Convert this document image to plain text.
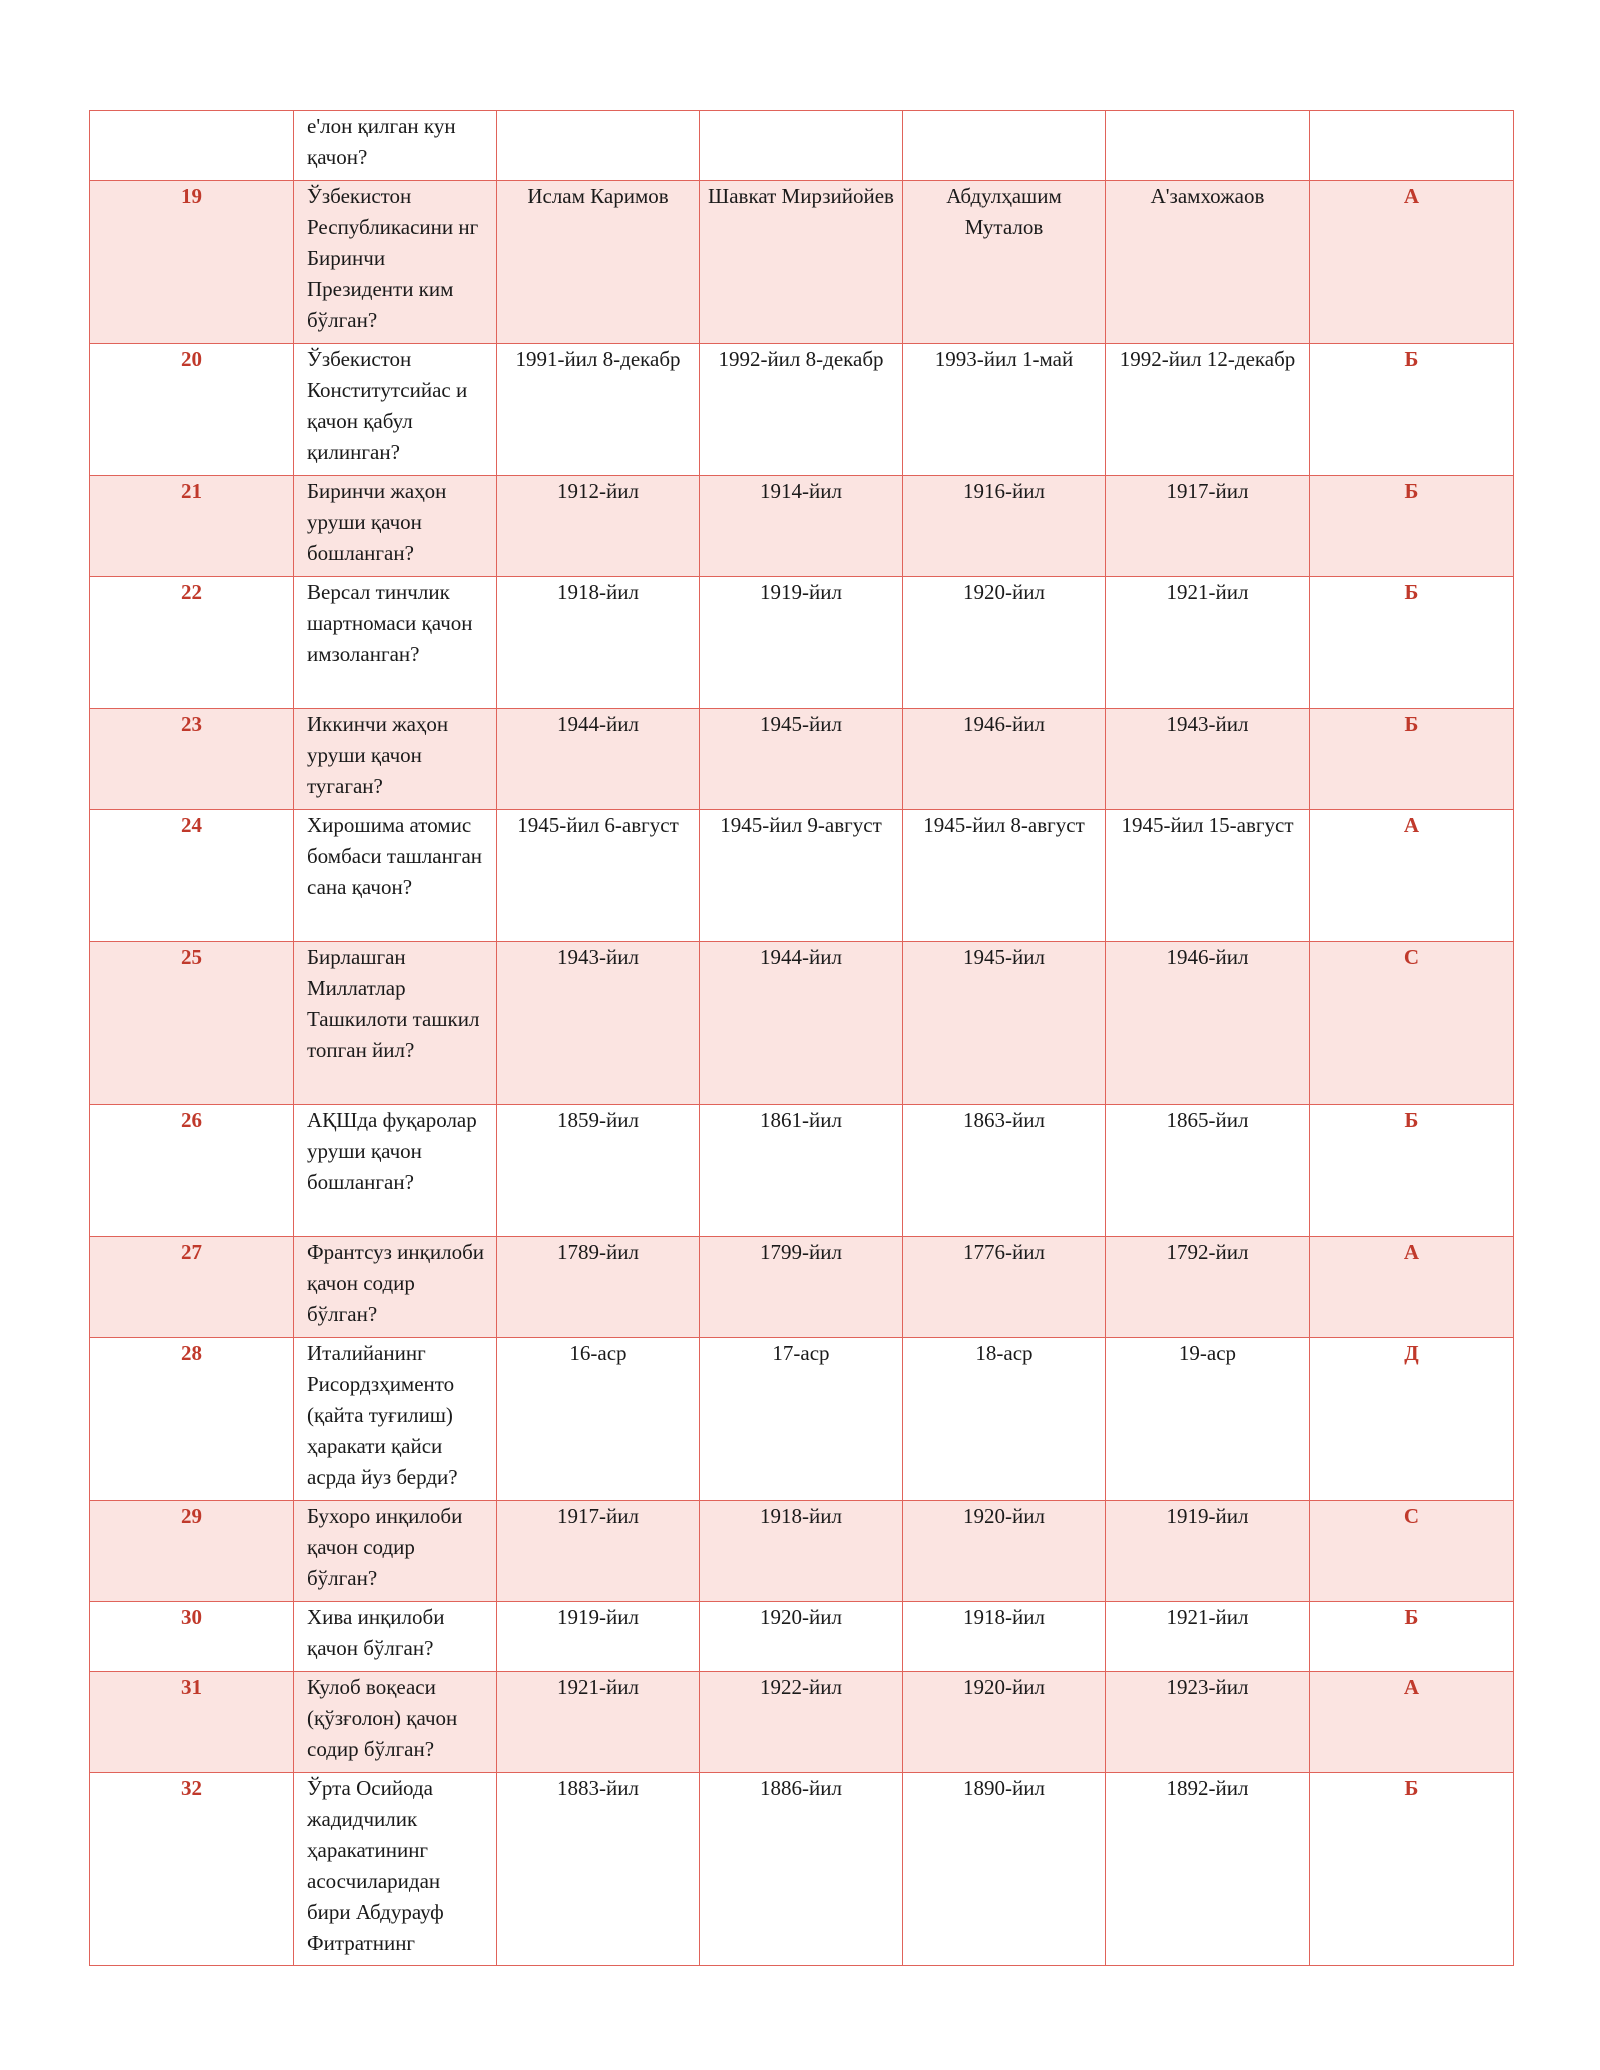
	е'лон қилган кун қачон?					
19	Ўзбекистон Республикасини нг Биринчи Президенти ким бўлган?	Ислам Каримов	Шавкат Мирзийойев	Абдулҳашим Муталов	А'замхожаов	А
20	Ўзбекистон Конститутсийас и қачон қабул қилинган?	1991-йил 8-декабр	1992-йил 8-декабр	1993-йил 1-май	1992-йил 12-декабр	Б
21	Биринчи жаҳон уруши қачон бошланган?	1912-йил	1914-йил	1916-йил	1917-йил	Б
22	Версал тинчлик шартномаси қачон имзоланган?	1918-йил	1919-йил	1920-йил	1921-йил	Б
23	Иккинчи жаҳон уруши қачон тугаган?	1944-йил	1945-йил	1946-йил	1943-йил	Б
24	Хирошима атомис бомбаси ташланган сана қачон?	1945-йил 6-август	1945-йил 9-август	1945-йил 8-август	1945-йил 15-август	А
25	Бирлашган Миллатлар Ташкилоти ташкил топган йил?	1943-йил	1944-йил	1945-йил	1946-йил	С
26	АҚШда фуқаролар уруши қачон бошланган?	1859-йил	1861-йил	1863-йил	1865-йил	Б
27	Франтсуз инқилоби қачон содир бўлган?	1789-йил	1799-йил	1776-йил	1792-йил	А
28	Италийанинг Рисордзҳименто (қайта туғилиш) ҳаракати қайси асрда йуз берди?	16-аср	17-аср	18-аср	19-аср	Д
29	Бухоро инқилоби қачон содир бўлган?	1917-йил	1918-йил	1920-йил	1919-йил	С
30	Хива инқилоби қачон бўлган?	1919-йил	1920-йил	1918-йил	1921-йил	Б
31	Кулоб воқеаси (қўзғолон) қачон содир бўлган?	1921-йил	1922-йил	1920-йил	1923-йил	А
32	Ўрта Осийода жадидчилик ҳаракатининг асосчиларидан бири Абдурауф Фитратнинг	1883-йил	1886-йил	1890-йил	1892-йил	Б
